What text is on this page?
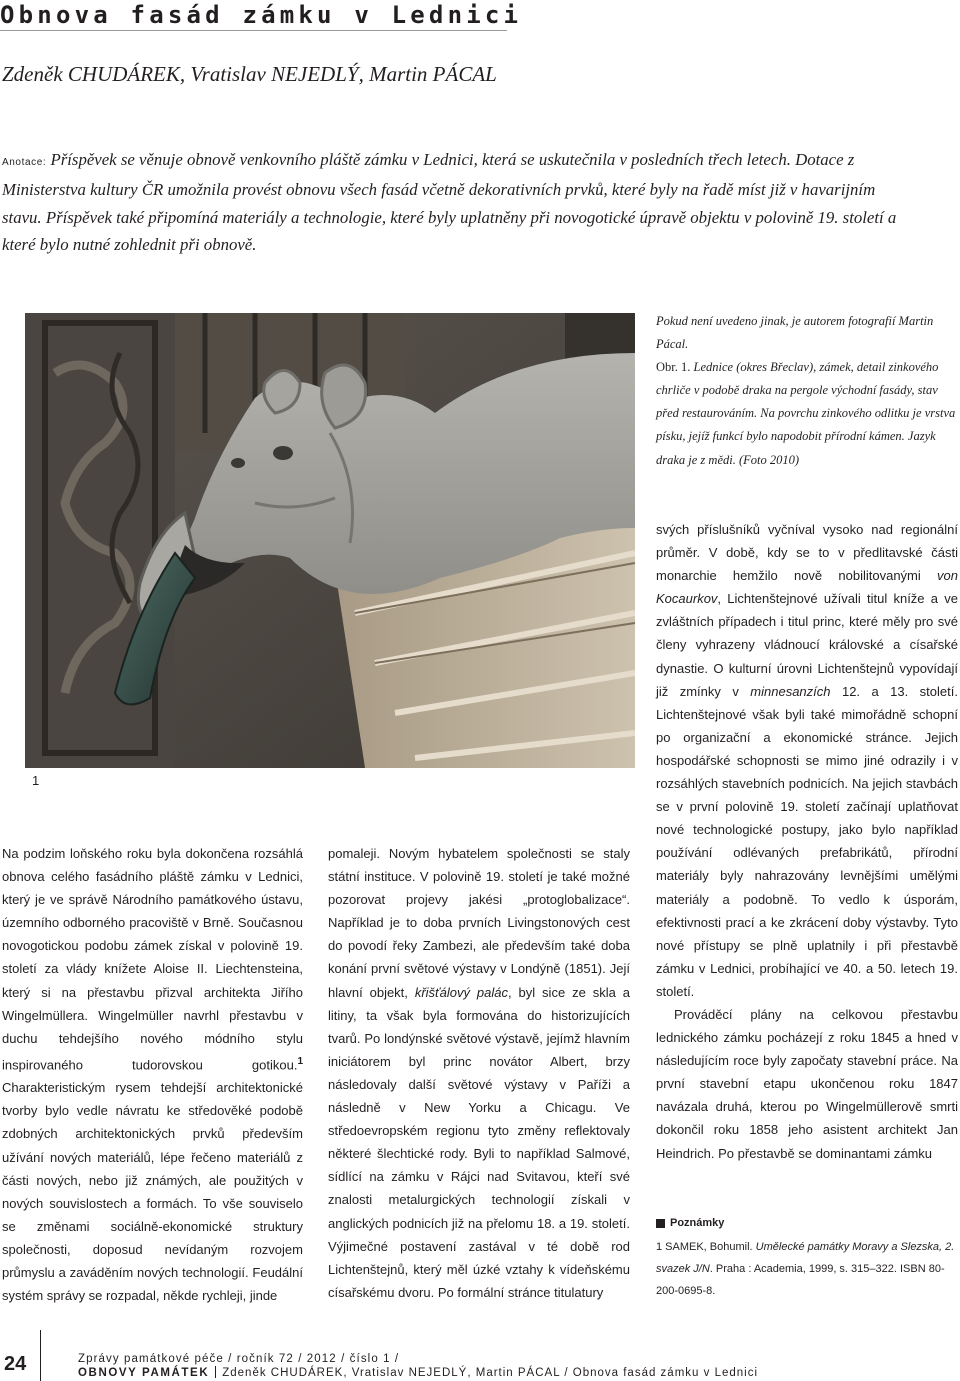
Obnova fasád zámku v Lednici

Zdeněk CHUDÁREK, Vratislav NEJEDLÝ, Martin PÁCAL

Anotace: Příspěvek se věnuje obnově venkovního pláště zámku v Lednici, která se uskutečnila v posledních třech letech. Dotace z Ministerstva kultury ČR umožnila provést obnovu všech fasád včetně dekorativních prvků, které byly na řadě míst již v havarijním stavu. Příspěvek také připomíná materiály a technologie, které byly uplatněny při novogotické úpravě objektu v polovině 19. století a které bylo nutné zohlednit při obnově.

1
Pokud není uvedeno jinak, je autorem fotografií Martin Pácal.
Obr. 1. Lednice (okres Břeclav), zámek, detail zinkového chrliče v podobě draka na pergole východní fasády, stav před restaurováním. Na povrchu zinkového odlitku je vrstva písku, jejíž funkcí bylo napodobit přírodní kámen. Jazyk draka je z mědi. (Foto 2010)

Na podzim loňského roku byla dokončena rozsáhlá obnova celého fasádního pláště zámku v Lednici, který je ve správě Národního památkového ústavu, územního odborného pracoviště v Brně. Současnou novogotickou podobu zámek získal v polovině 19. století za vlády knížete Aloise II. Liechtensteina, který si na přestavbu přizval architekta Jiřího Wingelmüllera. Wingelmüller navrhl přestavbu v duchu tehdejšího nového módního stylu inspirovaného tudorovskou gotikou.$^1$ Charakteristickým rysem tehdejší architektonické tvorby bylo vedle návratu ke středověké podobě zdobných architektonických prvků především užívání nových materiálů, lépe řečeno materiálů z části nových, nebo již známých, ale použitých v nových souvislostech a formách. To vše souviselo se změnami sociálně-ekonomické struktury společnosti, doposud nevídaným rozvojem průmyslu a zaváděním nových technologií. Feudální systém správy se rozpadal, někde rychleji, jinde

pomaleji. Novým hybatelem společnosti se staly státní instituce. V polovině 19. století je také možné pozorovat projevy jakési „protoglobalizace“. Například je to doba prvních Livingstonových cest do povodí řeky Zambezi, ale především také doba konání první světové výstavy v Londýně (1851). Její hlavní objekt, křišťálový palác, byl sice ze skla a litiny, ta však byla formována do historizujících tvarů. Po londýnské světové výstavě, jejímž hlavním iniciátorem byl princ novátor Albert, brzy následovaly další světové výstavy v Paříži a následně v New Yorku a Chicagu. Ve středoevropském regionu tyto změny reflektovaly některé šlechtické rody. Byli to například Salmové, sídlící na zámku v Rájci nad Svitavou, kteří své znalosti metalurgických technologií získali v anglických podnicích již na přelomu 18. a 19. století. Výjimečné postavení zastával v té době rod Lichtenštejnů, který měl úzké vztahy k vídeňskému císařskému dvoru. Po formální stránce titulatury

svých příslušníků vyčníval vysoko nad regionální průměr. V době, kdy se to v předlitavské části monarchie hemžilo nově nobilitovanými von Kocaurkov, Lichtenštejnové užívali titul kníže a ve zvláštních případech i titul princ, které měly pro své členy vyhrazeny vládnoucí královské a císařské dynastie. O kulturní úrovni Lichtenštejnů vypovídají již zmínky v minnesanzích 12. a 13. století. Lichtenštejnové však byli také mimořádně schopní po organizační a ekonomické stránce. Jejich hospodářské schopnosti se mimo jiné odrazily i v rozsáhlých stavebních podnicích. Na jejich stavbách se v první polovině 19. století začínají uplatňovat nové technologické postupy, jako bylo například používání odlévaných prefabrikátů, přírodní materiály byly nahrazovány levnějšími umělými materiály a podobně. To vedlo k úsporám, efektivnosti prací a ke zkrácení doby výstavby. Tyto nové přístupy se plně uplatnily i při přestavbě zámku v Lednici, probíhající ve 40. a 50. letech 19. století.

Prováděcí plány na celkovou přestavbu lednického zámku pocházejí z roku 1845 a hned v následujícím roce byly započaty stavební práce. Na první stavební etapu ukončenou roku 1847 navázala druhá, kterou po Wingelmüllerově smrti dokončil roku 1858 jeho asistent architekt Jan Heindrich. Po přestavbě se dominantami zámku

Poznámky

1 SAMEK, Bohumil. Umělecké památky Moravy a Slezska, 2. svazek J/N. Praha : Academia, 1999, s. 315–322. ISBN 80-200-0695-8.

24	Zprávy památkové péče / ročník 72 / 2012 / číslo 1 /
OBNOVY PAMÁTEK Zdeněk CHUDÁREK, Vratislav NEJEDLÝ, Martin PÁCAL / Obnova fasád zámku v Lednici
